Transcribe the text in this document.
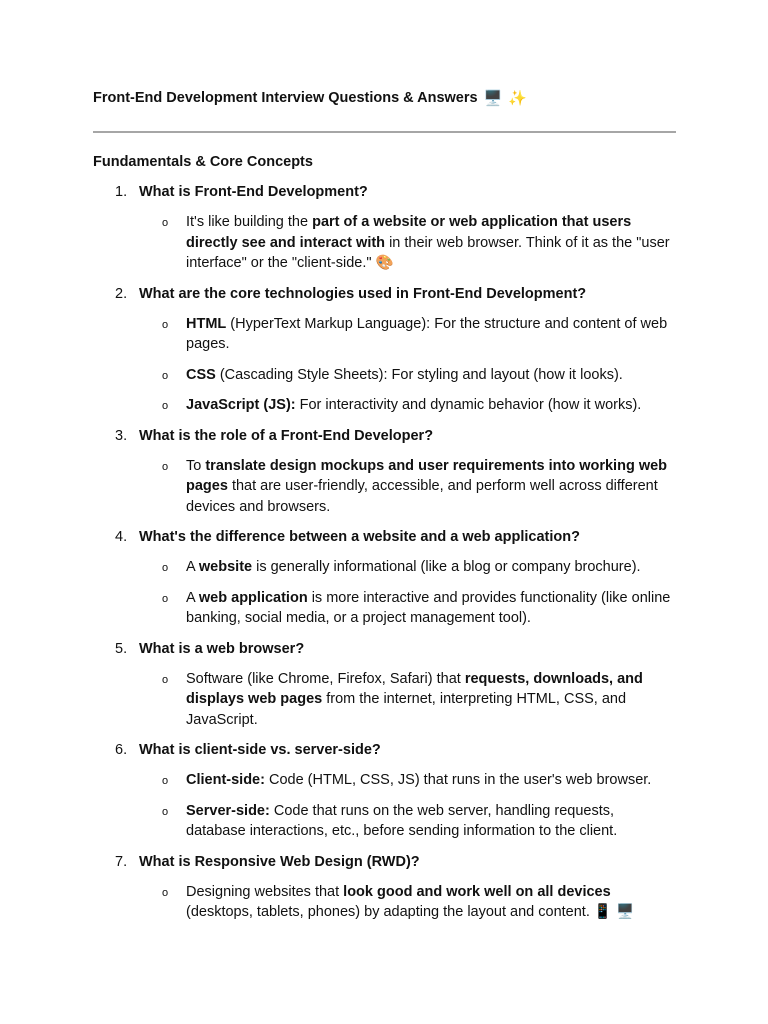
Front-End Development Interview Questions & Answers 🖥️ ✨
Fundamentals & Core Concepts
1. What is Front-End Development?
o It's like building the part of a website or web application that users directly see and interact with in their web browser. Think of it as the "user interface" or the "client-side." 🎨
2. What are the core technologies used in Front-End Development?
o HTML (HyperText Markup Language): For the structure and content of web pages.
o CSS (Cascading Style Sheets): For styling and layout (how it looks).
o JavaScript (JS): For interactivity and dynamic behavior (how it works).
3. What is the role of a Front-End Developer?
o To translate design mockups and user requirements into working web pages that are user-friendly, accessible, and perform well across different devices and browsers.
4. What's the difference between a website and a web application?
o A website is generally informational (like a blog or company brochure).
o A web application is more interactive and provides functionality (like online banking, social media, or a project management tool).
5. What is a web browser?
o Software (like Chrome, Firefox, Safari) that requests, downloads, and displays web pages from the internet, interpreting HTML, CSS, and JavaScript.
6. What is client-side vs. server-side?
o Client-side: Code (HTML, CSS, JS) that runs in the user's web browser.
o Server-side: Code that runs on the web server, handling requests, database interactions, etc., before sending information to the client.
7. What is Responsive Web Design (RWD)?
o Designing websites that look good and work well on all devices (desktops, tablets, phones) by adapting the layout and content. 📱 🖥️
